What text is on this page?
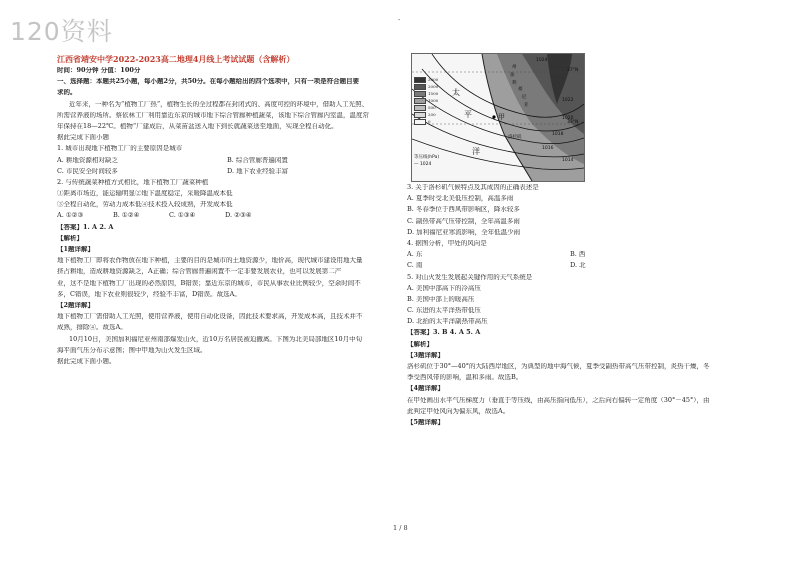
120资料	-
江西省靖安中学2022-2023高二地理4月线上考试试题（含解析）
时间：90分钟 分值：100分
一、选择题：本题共25小题，每小题2分，共50分。在每小题给出的四个选项中，只有一项是符合题目要
求的。
近年来，一种名为“植物工厂热”，植物生长的全过程都在封闭式的、高度可控的环境中，借助人工光照、
所需营养液的场所。蔡依林工厂利用靠近东京的城市地下综合管廊种植蔬菜，该地下综合管廊内室温，温度常
年保持在18—22℃。植物“厂建成后，从菜苗盆送入地下到长就蔬菜送至地面，实现全程自动化。
据此完成下面小题
1. 城市出现地下植物工厂的主要原因是城市
A. 耕地资源相对缺乏	B. 综合管廊普遍闲置
C. 市民安全时间较多	D. 地下农业经验丰富
2. 与传统蔬菜种植方式相比，地下植物工厂蔬菜种植
①距离市场近，能运输明显②地下温度稳定，采暖降温成本低
③全程自动化，劳动力成本低④技术投入较成熟，开发成本低
A. ①②③	B. ①②④	C. ①③④	D. ②③④
【答案】1. A 2. A
【解析】
【1题详解】
地下植物工厂即将农作物放在地下种植，主要的目的是城市的土地资源少，地价高，现代城市建设用地大量
挤占耕地，造成耕地资源缺乏，A正确；综合管廊普遍闲置不一定非要发展农业，也可以发展第二产
业，这不是地下植物工厂出现的必然原因，B错误；靠近东京的城市，市民从事农业比例较少，空余时间不
多，C错误，地下农业则很较少，经验不丰富，D错误。故选A。
【2题详解】
地下植物工厂需借助人工光照，使用营养液，使用自动化设备，因此技术要求高，开发成本高，且技术并不
成熟，排除④。故选A。
10月10日，美国加利福尼亚州南部爆发山火，近10万名居民被迫撤离。下图为北美局部地区10月中旬
海平面气压分布示意图；图中甲地为山火发生区域。
据此完成下面小题。
3000
2000
1500
1000
500
200
0
等压线(hPa)
— 1024
太
平
洋
甲
1024
1022
1020
1018
1016
1014
洛杉矶
37°N
33°N
州
加
利
福
尼
亚
3. 关于洛杉矶气候特点及其成因的正确表述是
A. 夏季时受北美低压控制，高温多雨
B. 冬春季位于西风带影响区，降水较多
C. 副热带高气压带控制，全年高温多雨
D. 加利福尼亚寒流影响，全年低温少雨
4. 据图分析，甲处的风向是
A. 东	B. 西
C. 南	D. 北
5. 对山火发生发展起关键作用的天气系统是
A. 美国中部高下的冷高压
B. 美国中部上的暖高压
C. 东进的太平洋热带低压
D. 北抬的太平洋副热带高压
【答案】3. B 4. A 5. A
【解析】
【3题详解】
洛杉矶位于30°—40°的大陆西岸地区，为典型的地中海气候，夏季受副热带高气压带控制，炎热干燥，冬
季受西风带的影响，温和多雨。故选B。
【4题详解】
在甲处画出水平气压梯度力（垂直于等压线，由高压指向低压），之后向右偏转一定角度（30°－45°），由
此判定甲处风向为偏东风，故选A。
【5题详解】
1 / 8
